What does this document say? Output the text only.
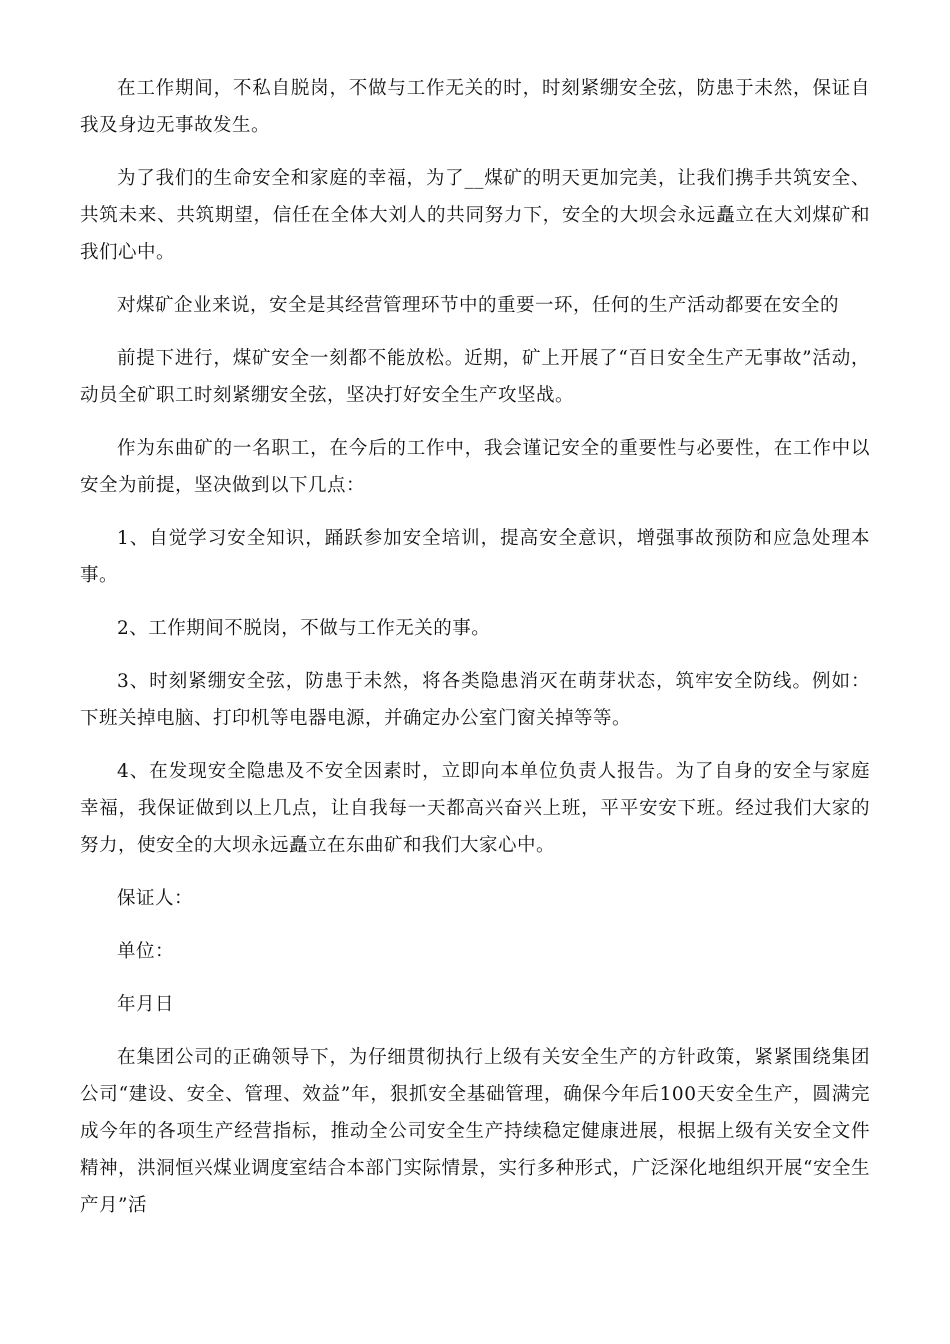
在工作期间，不私自脱岗，不做与工作无关的时，时刻紧绷安全弦，防患于未然，保证自我及身边无事故发生。

为了我们的生命安全和家庭的幸福，为了__煤矿的明天更加完美，让我们携手共筑安全、共筑未来、共筑期望，信任在全体大刘人的共同努力下，安全的大坝会永远矗立在大刘煤矿和我们心中。

对煤矿企业来说，安全是其经营管理环节中的重要一环，任何的生产活动都要在安全的

前提下进行，煤矿安全一刻都不能放松。近期，矿上开展了“百日安全生产无事故”活动，动员全矿职工时刻紧绷安全弦，坚决打好安全生产攻坚战。

作为东曲矿的一名职工，在今后的工作中，我会谨记安全的重要性与必要性，在工作中以安全为前提，坚决做到以下几点：

1、自觉学习安全知识，踊跃参加安全培训，提高安全意识，增强事故预防和应急处理本事。

2、工作期间不脱岗，不做与工作无关的事。

3、时刻紧绷安全弦，防患于未然，将各类隐患消灭在萌芽状态，筑牢安全防线。例如：下班关掉电脑、打印机等电器电源，并确定办公室门窗关掉等等。

4、在发现安全隐患及不安全因素时，立即向本单位负责人报告。为了自身的安全与家庭幸福，我保证做到以上几点，让自我每一天都高兴奋兴上班，平平安安下班。经过我们大家的努力，使安全的大坝永远矗立在东曲矿和我们大家心中。

保证人：

单位：

年月日

在集团公司的正确领导下，为仔细贯彻执行上级有关安全生产的方针政策，紧紧围绕集团公司“建设、安全、管理、效益”年，狠抓安全基础管理，确保今年后100天安全生产，圆满完成今年的各项生产经营指标，推动全公司安全生产持续稳定健康进展，根据上级有关安全文件精神，洪洞恒兴煤业调度室结合本部门实际情景，实行多种形式，广泛深化地组织开展“安全生产月”活
